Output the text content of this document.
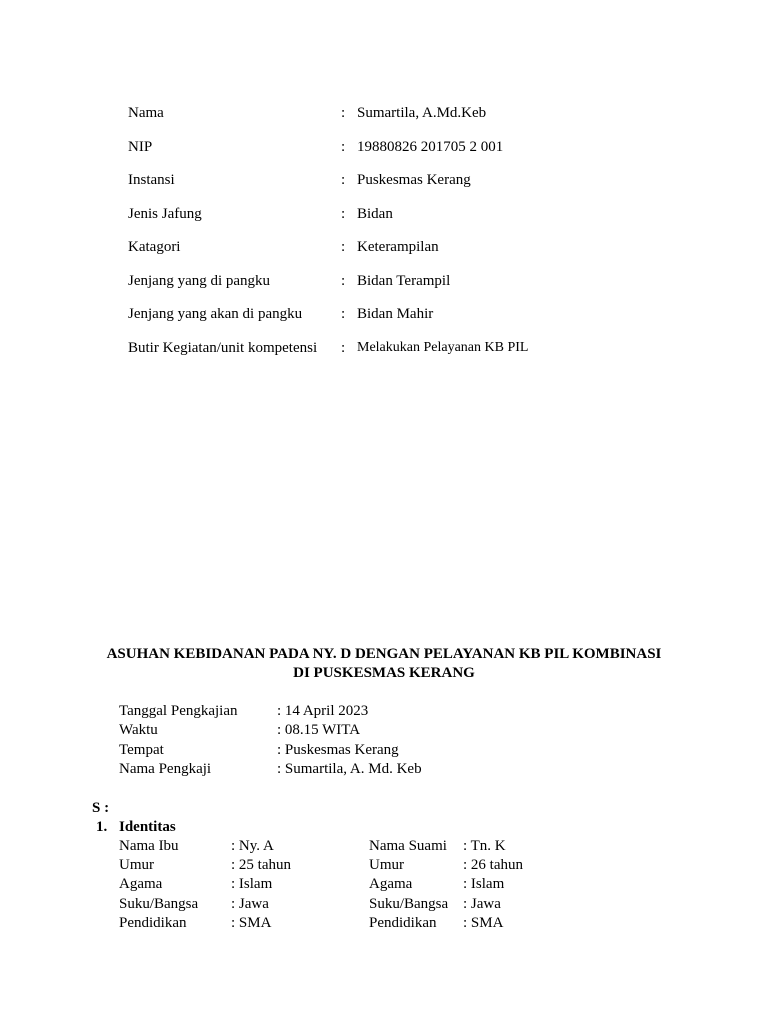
Nama	: Sumartila, A.Md.Keb
NIP	: 19880826 201705 2 001
Instansi	: Puskesmas Kerang
Jenis Jafung	: Bidan
Katagori	: Keterampilan
Jenjang yang di pangku	: Bidan Terampil
Jenjang yang akan di pangku	: Bidan Mahir
Butir Kegiatan/unit kompetensi : Melakukan Pelayanan KB PIL
ASUHAN KEBIDANAN PADA NY. D DENGAN PELAYANAN KB PIL KOMBINASI
DI PUSKESMAS KERANG
Tanggal Pengkajian	: 14 April 2023
Waktu	: 08.15 WITA
Tempat	: Puskesmas Kerang
Nama Pengkaji	: Sumartila, A. Md. Keb
S :
1. Identitas
Nama Ibu	: Ny. A	Nama Suami : Tn. K
Umur	: 25 tahun	Umur	: 26 tahun
Agama	: Islam	Agama	: Islam
Suku/Bangsa : Jawa	Suku/Bangsa : Jawa
Pendidikan	: SMA	Pendidikan : SMA
